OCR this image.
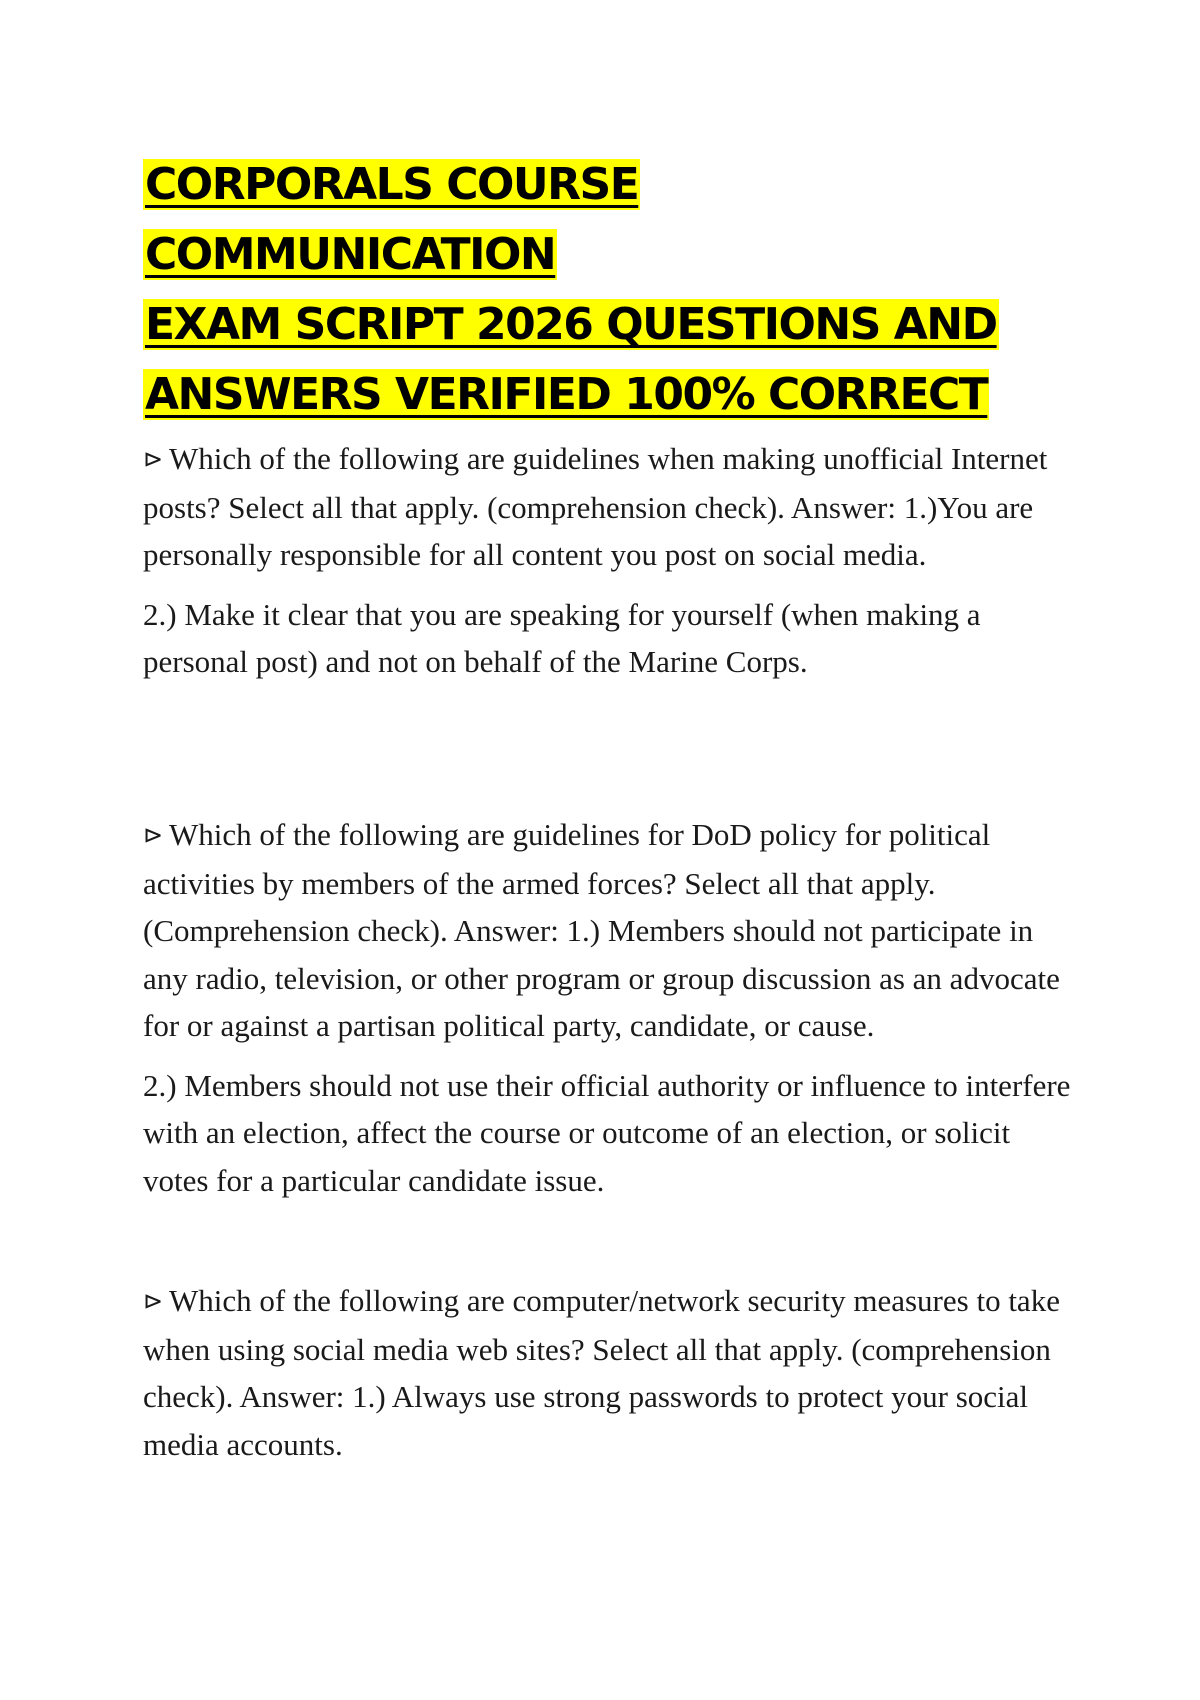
CORPORALS COURSE COMMUNICATION
EXAM SCRIPT 2026 QUESTIONS AND
ANSWERS VERIFIED 100% CORRECT

⊳ Which of the following are guidelines when making unofficial Internet posts? Select all that apply. (comprehension check). Answer: 1.)You are personally responsible for all content you post on social media.

2.) Make it clear that you are speaking for yourself (when making a personal post) and not on behalf of the Marine Corps.

⊳ Which of the following are guidelines for DoD policy for political activities by members of the armed forces? Select all that apply. (Comprehension check). Answer: 1.) Members should not participate in any radio, television, or other program or group discussion as an advocate for or against a partisan political party, candidate, or cause.

2.) Members should not use their official authority or influence to interfere with an election, affect the course or outcome of an election, or solicit votes for a particular candidate issue.

⊳ Which of the following are computer/network security measures to take when using social media web sites? Select all that apply. (comprehension check). Answer: 1.) Always use strong passwords to protect your social media accounts.
